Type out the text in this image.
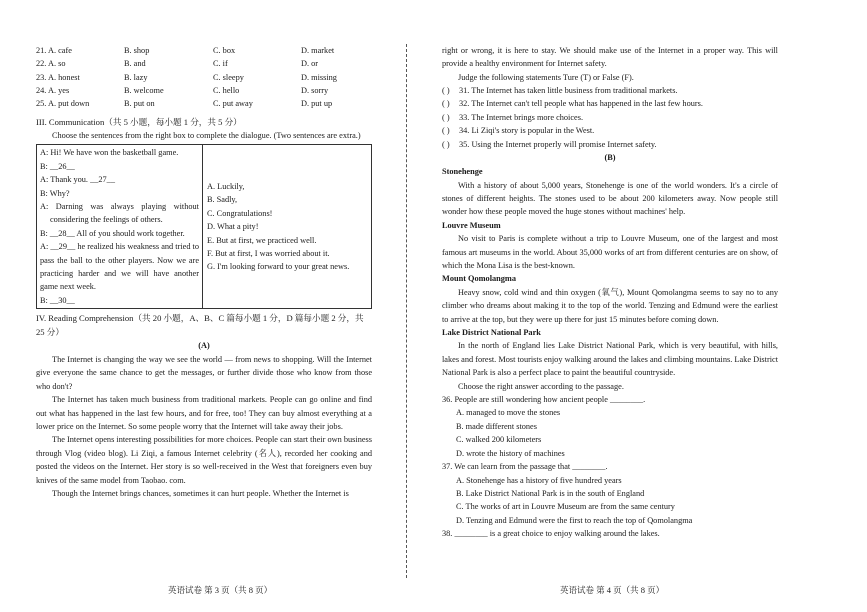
21. A. cafe	B. shop	C. box	D. market
22. A. so	B. and	C. if	D. or
23. A. honest	B. lazy	C. sleepy	D. missing
24. A. yes	B. welcome	C. hello	D. sorry
25. A. put down	B. put on	C. put away	D. put up
III. Communication（共 5 小题，每小题 1 分，共 5 分）
Choose the sentences from the right box to complete the dialogue. (Two sentences are extra.)
A: Hi! We have won the basketball game.
B: __26__
A: Thank you. __27__
B: Why?
A: Darning was always playing without considering the feelings of others.
B: __28__ All of you should work together.
A: __29__ he realized his weakness and tried to pass the ball to the other players. Now we are practicing harder and we will have another game next week.
B: __30__
A. Luckily,
B. Sadly,
C. Congratulations!
D. What a pity!
E. But at first, we practiced well.
F. But at first, I was worried about it.
G. I'm looking forward to your great news.
IV. Reading Comprehension（共 20 小题，A、B、C 篇每小题 1 分，D 篇每小题 2 分，共 25 分）
(A)
The Internet is changing the way we see the world — from news to shopping. Will the Internet give everyone the same chance to get the messages, or further divide those who know from those who don't?
The Internet has taken much business from traditional markets. People can go online and find out what has happened in the last few hours, and for free, too! They can buy almost everything at a lower price on the Internet. So some people worry that the Internet will take away their jobs.
The Internet opens interesting possibilities for more choices. People can start their own business through Vlog (video blog). Li Ziqi, a famous Internet celebrity (名人), recorded her cooking and posted the videos on the Internet. Her story is so well-received in the West that foreigners even buy knives of the same model from Taobao. com.
Though the Internet brings chances, sometimes it can hurt people. Whether the Internet is
right or wrong, it is here to stay. We should make use of the Internet in a proper way. This will provide a healthy environment for Internet safety.
Judge the following statements Ture (T) or False (F).
( )	31. The Internet has taken little business from traditional markets.
( )	32. The Internet can't tell people what has happened in the last few hours.
( )	33. The Internet brings more choices.
( )	34. Li Ziqi's story is popular in the West.
( )	35. Using the Internet properly will promise Internet safety.
(B)
Stonehenge
With a history of about 5,000 years, Stonehenge is one of the world wonders. It's a circle of stones of different heights. The stones used to be about 200 kilometers away. Now people still wonder how these people moved the huge stones without machines' help.
Louvre Museum
No visit to Paris is complete without a trip to Louvre Museum, one of the largest and most famous art museums in the world. About 35,000 works of art from different centuries are on show, of which the Mona Lisa is the best-known.
Mount Qomolangma
Heavy snow, cold wind and thin oxygen (氧气), Mount Qomolangma seems to say no to any climber who dreams about making it to the top of the world. Tenzing and Edmund were the earliest to arrive at the top, but they were up there for just 15 minutes before coming down.
Lake District National Park
In the north of England lies Lake District National Park, which is very beautiful, with hills, lakes and forest. Most tourists enjoy walking around the lakes and climbing mountains. Lake District National Park is also a perfect place to paint the beautiful countryside.
Choose the right answer according to the passage.
36. People are still wondering how ancient people ________.
A. managed to move the stones
B. made different stones
C. walked 200 kilometers
D. wrote the history of machines
37. We can learn from the passage that ________.
A. Stonehenge has a history of five hundred years
B. Lake District National Park is in the south of England
C. The works of art in Louvre Museum are from the same century
D. Tenzing and Edmund were the first to reach the top of Qomolangma
38. ________ is a great choice to enjoy walking around the lakes.
英语试卷 第 3 页（共 8 页）	英语试卷 第 4 页（共 8 页）
